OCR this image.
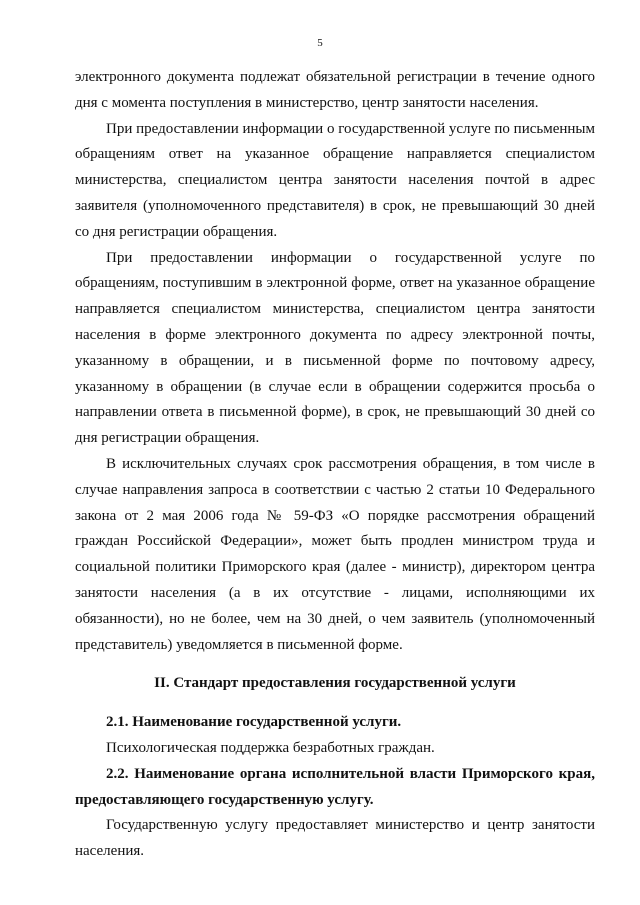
5

электронного документа подлежат обязательной регистрации в течение одного дня с момента поступления в министерство, центр занятости населения.

При предоставлении информации о государственной услуге по письменным обращениям ответ на указанное обращение направляется специалистом министерства, специалистом центра занятости населения почтой в адрес заявителя (уполномоченного представителя) в срок, не превышающий 30 дней со дня регистрации обращения.

При предоставлении информации о государственной услуге по обращениям, поступившим в электронной форме, ответ на указанное обращение направляется специалистом министерства, специалистом центра занятости населения в форме электронного документа по адресу электронной почты, указанному в обращении, и в письменной форме по почтовому адресу, указанному в обращении (в случае если в обращении содержится просьба о направлении ответа в письменной форме), в срок, не превышающий 30 дней со дня регистрации обращения.

В исключительных случаях срок рассмотрения обращения, в том числе в случае направления запроса в соответствии с частью 2 статьи 10 Федерального закона от 2 мая 2006 года № 59-ФЗ «О порядке рассмотрения обращений граждан Российской Федерации», может быть продлен министром труда и социальной политики Приморского края (далее - министр), директором центра занятости населения (а в их отсутствие - лицами, исполняющими их обязанности), но не более, чем на 30 дней, о чем заявитель (уполномоченный представитель) уведомляется в письменной форме.

II. Стандарт предоставления государственной услуги

2.1. Наименование государственной услуги.

Психологическая поддержка безработных граждан.

2.2. Наименование органа исполнительной власти Приморского края, предоставляющего государственную услугу.

Государственную услугу предоставляет министерство и центр занятости населения.
